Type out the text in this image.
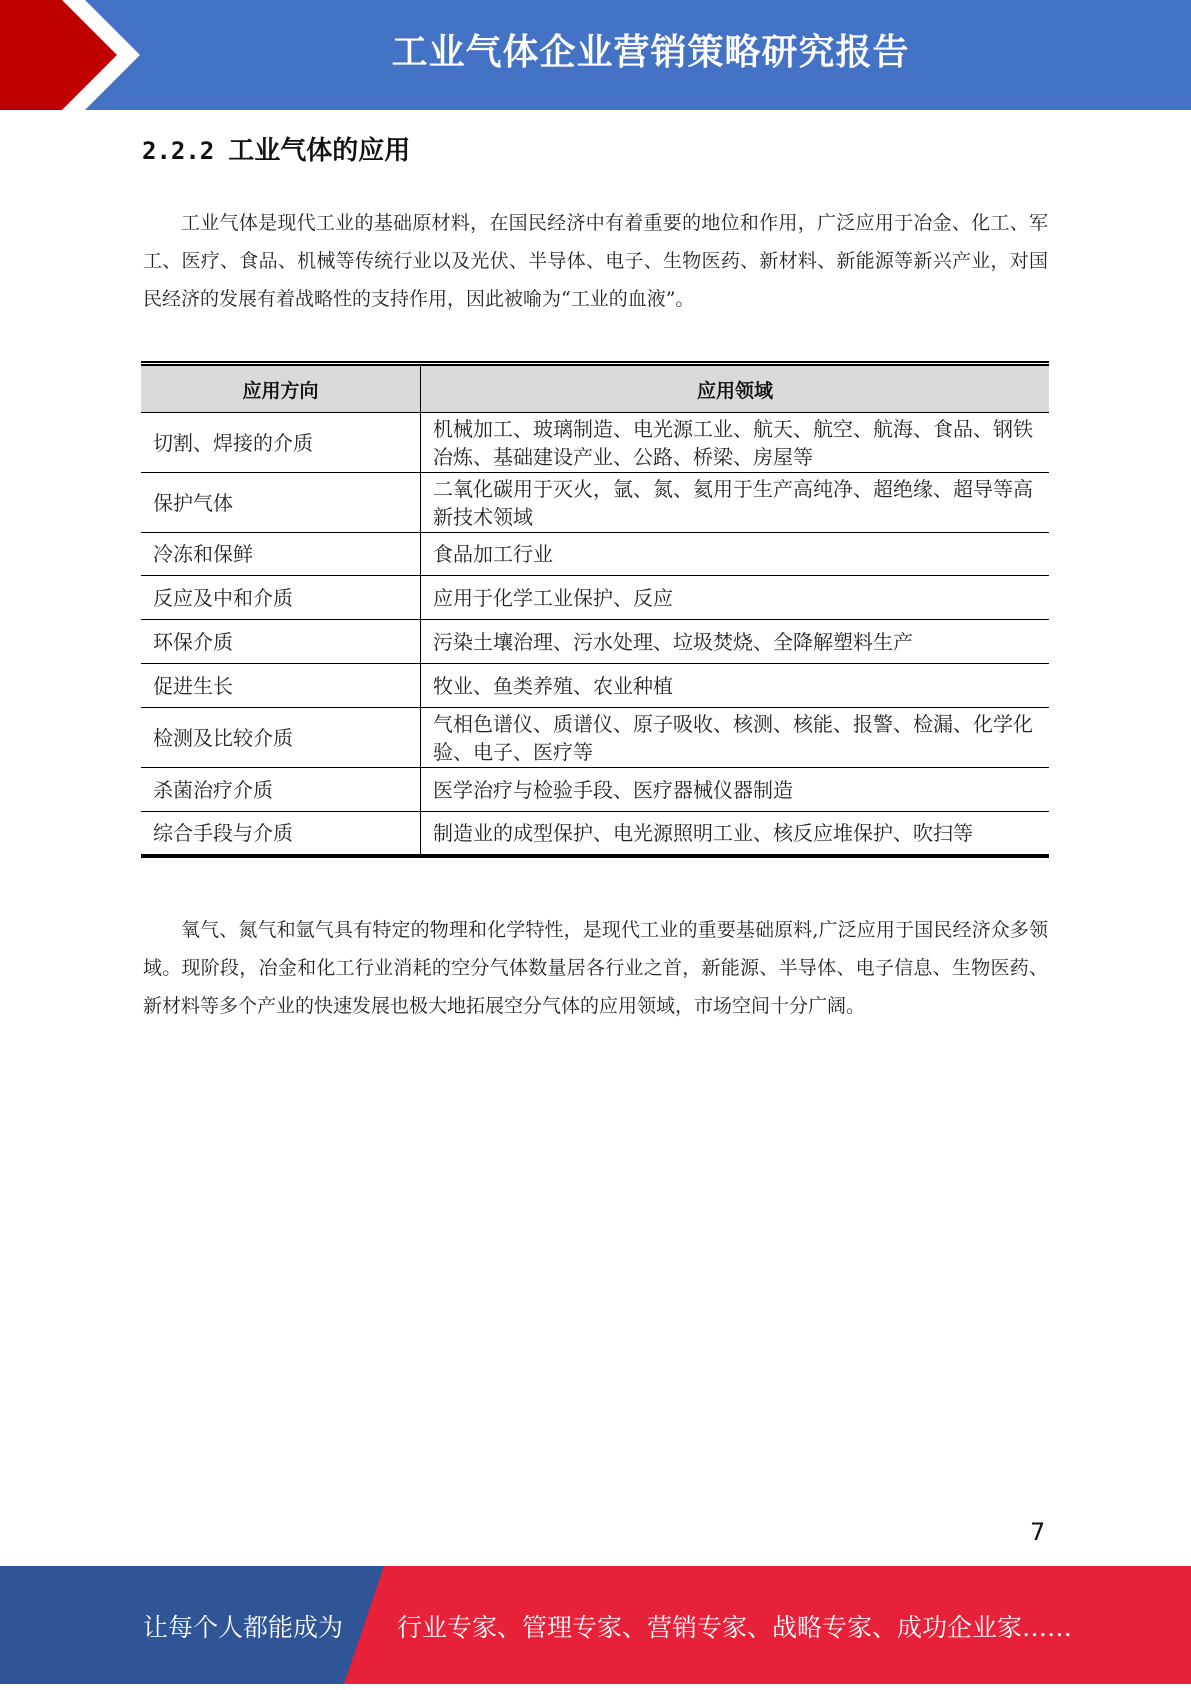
工业气体企业营销策略研究报告
2.2.2 工业气体的应用

工业气体是现代工业的基础原材料，在国民经济中有着重要的地位和作用，广泛应用于冶金、化工、军工、医疗、食品、机械等传统行业以及光伏、半导体、电子、生物医药、新材料、新能源等新兴产业，对国民经济的发展有着战略性的支持作用，因此被喻为“工业的血液”。

应用方向	应用领域
切割、焊接的介质	机械加工、玻璃制造、电光源工业、航天、航空、航海、食品、钢铁冶炼、基础建设产业、公路、桥梁、房屋等
保护气体	二氧化碳用于灭火，氩、氮、氦用于生产高纯净、超绝缘、超导等高新技术领域
冷冻和保鲜	食品加工行业
反应及中和介质	应用于化学工业保护、反应
环保介质	污染土壤治理、污水处理、垃圾焚烧、全降解塑料生产
促进生长	牧业、鱼类养殖、农业种植
检测及比较介质	气相色谱仪、质谱仪、原子吸收、核测、核能、报警、检漏、化学化验、电子、医疗等
杀菌治疗介质	医学治疗与检验手段、医疗器械仪器制造
综合手段与介质	制造业的成型保护、电光源照明工业、核反应堆保护、吹扫等

氧气、氮气和氩气具有特定的物理和化学特性，是现代工业的重要基础原料,广泛应用于国民经济众多领域。现阶段，冶金和化工行业消耗的空分气体数量居各行业之首，新能源、半导体、电子信息、生物医药、新材料等多个产业的快速发展也极大地拓展空分气体的应用领域，市场空间十分广阔。

7
让每个人都能成为 行业专家、管理专家、营销专家、战略专家、成功企业家……
